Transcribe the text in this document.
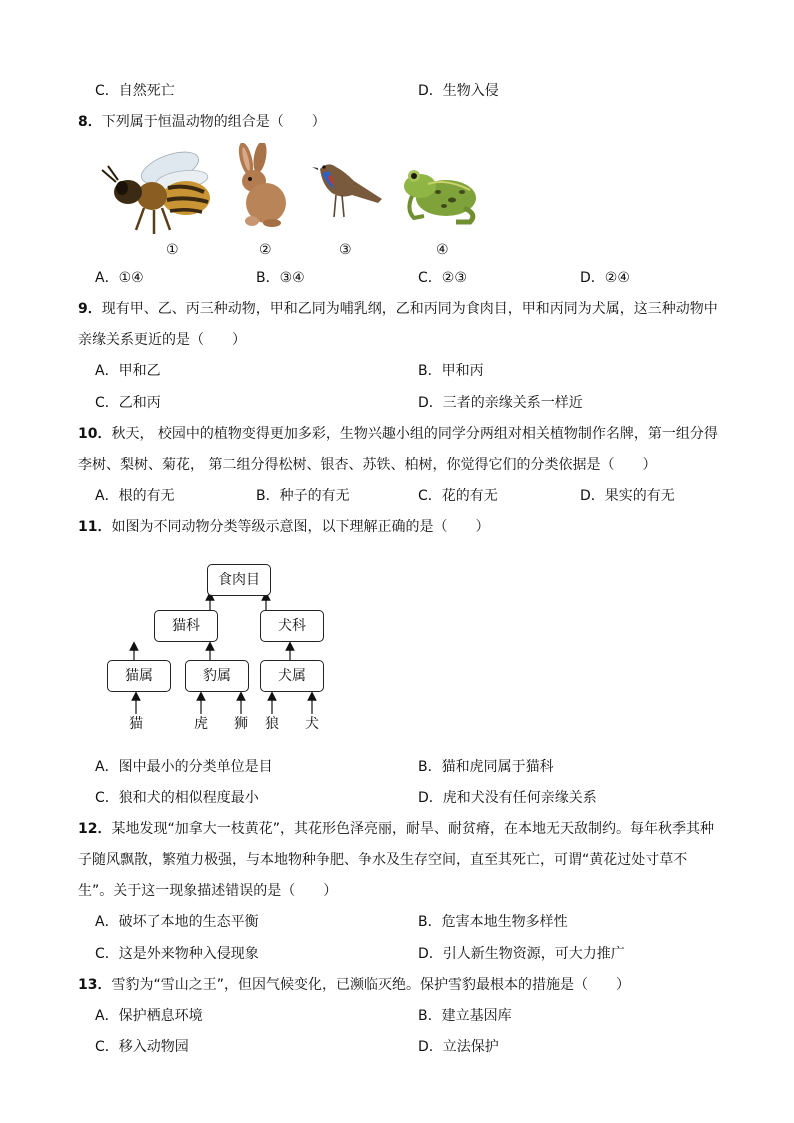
C．自然死亡	D．生物入侵
8．下列属于恒温动物的组合是（　　）
①	②	③	④
A．①④	B．③④	C．②③	D．②④
9．现有甲、乙、丙三种动物，甲和乙同为哺乳纲，乙和丙同为食肉目，甲和丙同为犬属，这三种动物中
亲缘关系更近的是（　　）
A．甲和乙	B．甲和丙
C．乙和丙	D．三者的亲缘关系一样近
10．秋天， 校园中的植物变得更加多彩，生物兴趣小组的同学分两组对相关植物制作名牌，第一组分得
李树、梨树、菊花， 第二组分得松树、银杏、苏铁、柏树，你觉得它们的分类依据是（　　）
A．根的有无	B．种子的有无	C．花的有无	D．果实的有无
11．如图为不同动物分类等级示意图，以下理解正确的是（　　）
食肉目
猫科	犬科
猫属	豹属	犬属
猫	虎 狮 狼 犬
A．图中最小的分类单位是目	B．猫和虎同属于猫科
C．狼和犬的相似程度最小	D．虎和犬没有任何亲缘关系
12．某地发现“加拿大一枝黄花”，其花形色泽亮丽，耐旱、耐贫瘠，在本地无天敌制约。每年秋季其种
子随风飘散，繁殖力极强，与本地物种争肥、争水及生存空间，直至其死亡，可谓“黄花过处寸草不
生”。关于这一现象描述错误的是（　　）
A．破坏了本地的生态平衡	B．危害本地生物多样性
C．这是外来物种入侵现象	D．引人新生物资源，可大力推广
13．雪豹为“雪山之王”，但因气候变化，已濒临灭绝。保护雪豹最根本的措施是（　　）
A．保护栖息环境	B．建立基因库
C．移入动物园	D．立法保护
